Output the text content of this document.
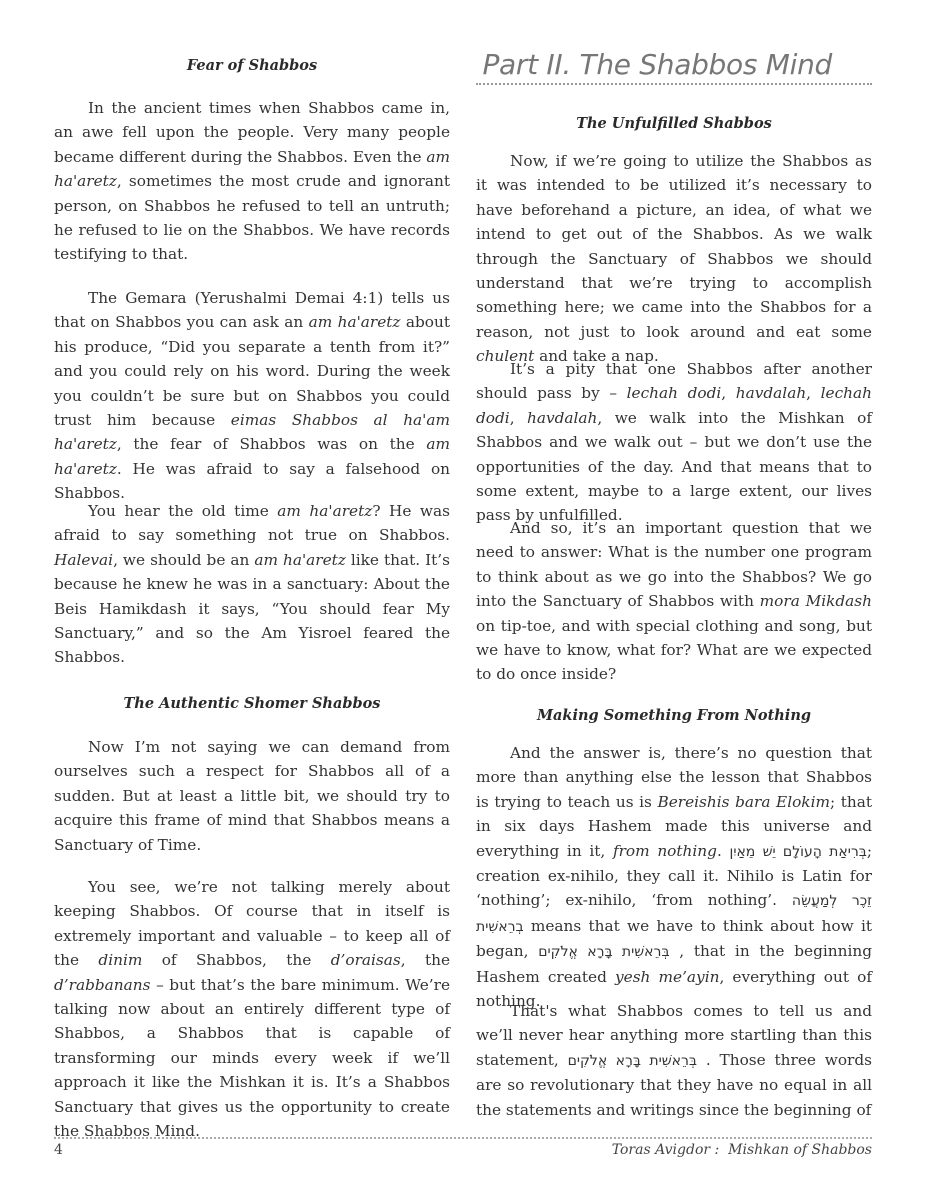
Part II. The Shabbos Mind
Fear of Shabbos

In the ancient times when Shabbos came in, an awe fell upon the people. Very many people became different during the Shabbos. Even the am ha'aretz, sometimes the most crude and ignorant person, on Shabbos he refused to tell an untruth; he refused to lie on the Shabbos. We have records testifying to that.

The Gemara (Yerushalmi Demai 4:1) tells us that on Shabbos you can ask an am ha'aretz about his produce, “Did you separate a tenth from it?” and you could rely on his word. During the week you couldn’t be sure but on Shabbos you could trust him because eimas Shabbos al ha'am ha'aretz, the fear of Shabbos was on the am ha'aretz. He was afraid to say a falsehood on Shabbos.

You hear the old time am ha'aretz? He was afraid to say something not true on Shabbos. Halevai, we should be an am ha'aretz like that. It’s because he knew he was in a sanctuary: About the Beis Hamikdash it says, “You should fear My Sanctuary,” and so the Am Yisroel feared the Shabbos.

The Authentic Shomer Shabbos

Now I’m not saying we can demand from ourselves such a respect for Shabbos all of a sudden. But at least a little bit, we should try to acquire this frame of mind that Shabbos means a Sanctuary of Time.

You see, we’re not talking merely about keeping Shabbos. Of course that in itself is extremely important and valuable – to keep all of the dinim of Shabbos, the d’oraisas, the d’rabbanans – but that’s the bare minimum. We’re talking now about an entirely different type of Shabbos, a Shabbos that is capable of transforming our minds every week if we’ll approach it like the Mishkan it is. It’s a Shabbos Sanctuary that gives us the opportunity to create the Shabbos Mind.

The Unfulfilled Shabbos

Now, if we’re going to utilize the Shabbos as it was intended to be utilized it’s necessary to have beforehand a picture, an idea, of what we intend to get out of the Shabbos. As we walk through the Sanctuary of Shabbos we should understand that we’re trying to accomplish something here; we came into the Shabbos for a reason, not just to look around and eat some chulent and take a nap.

It’s a pity that one Shabbos after another should pass by – lechah dodi, havdalah, lechah dodi, havdalah, we walk into the Mishkan of Shabbos and we walk out – but we don’t use the opportunities of the day. And that means that to some extent, maybe to a large extent, our lives pass by unfulfilled.

And so, it’s an important question that we need to answer: What is the number one program to think about as we go into the Shabbos? We go into the Sanctuary of Shabbos with mora Mikdash on tip-toe, and with special clothing and song, but we have to know, what for? What are we expected to do once inside?

Making Something From Nothing

And the answer is, there’s no question that more than anything else the lesson that Shabbos is trying to teach us is Bereishis bara Elokim; that in six days Hashem made this universe and everything in it, from nothing. בְּרִיאַת הָעוֹלָם יֵשׁ מֵאַיִן; creation ex-nihilo, they call it. Nihilo is Latin for ‘nothing’; ex-nihilo, ‘from nothing’. זֵכֶר לְמַעֲשֵׂה בְרֵאשִׁית means that we have to think about how it began, בְּרֵאשִׁית בָּרָא אֱלֹקִים , that in the beginning Hashem created yesh me’ayin, everything out of nothing.

That's what Shabbos comes to tell us and we’ll never hear anything more startling than this statement, בְּרֵאשִׁית בָּרָא אֱלֹקִים . Those three words are so revolutionary that they have no equal in all the statements and writings since the beginning of

4	Toras Avigdor :  Mishkan of Shabbos
